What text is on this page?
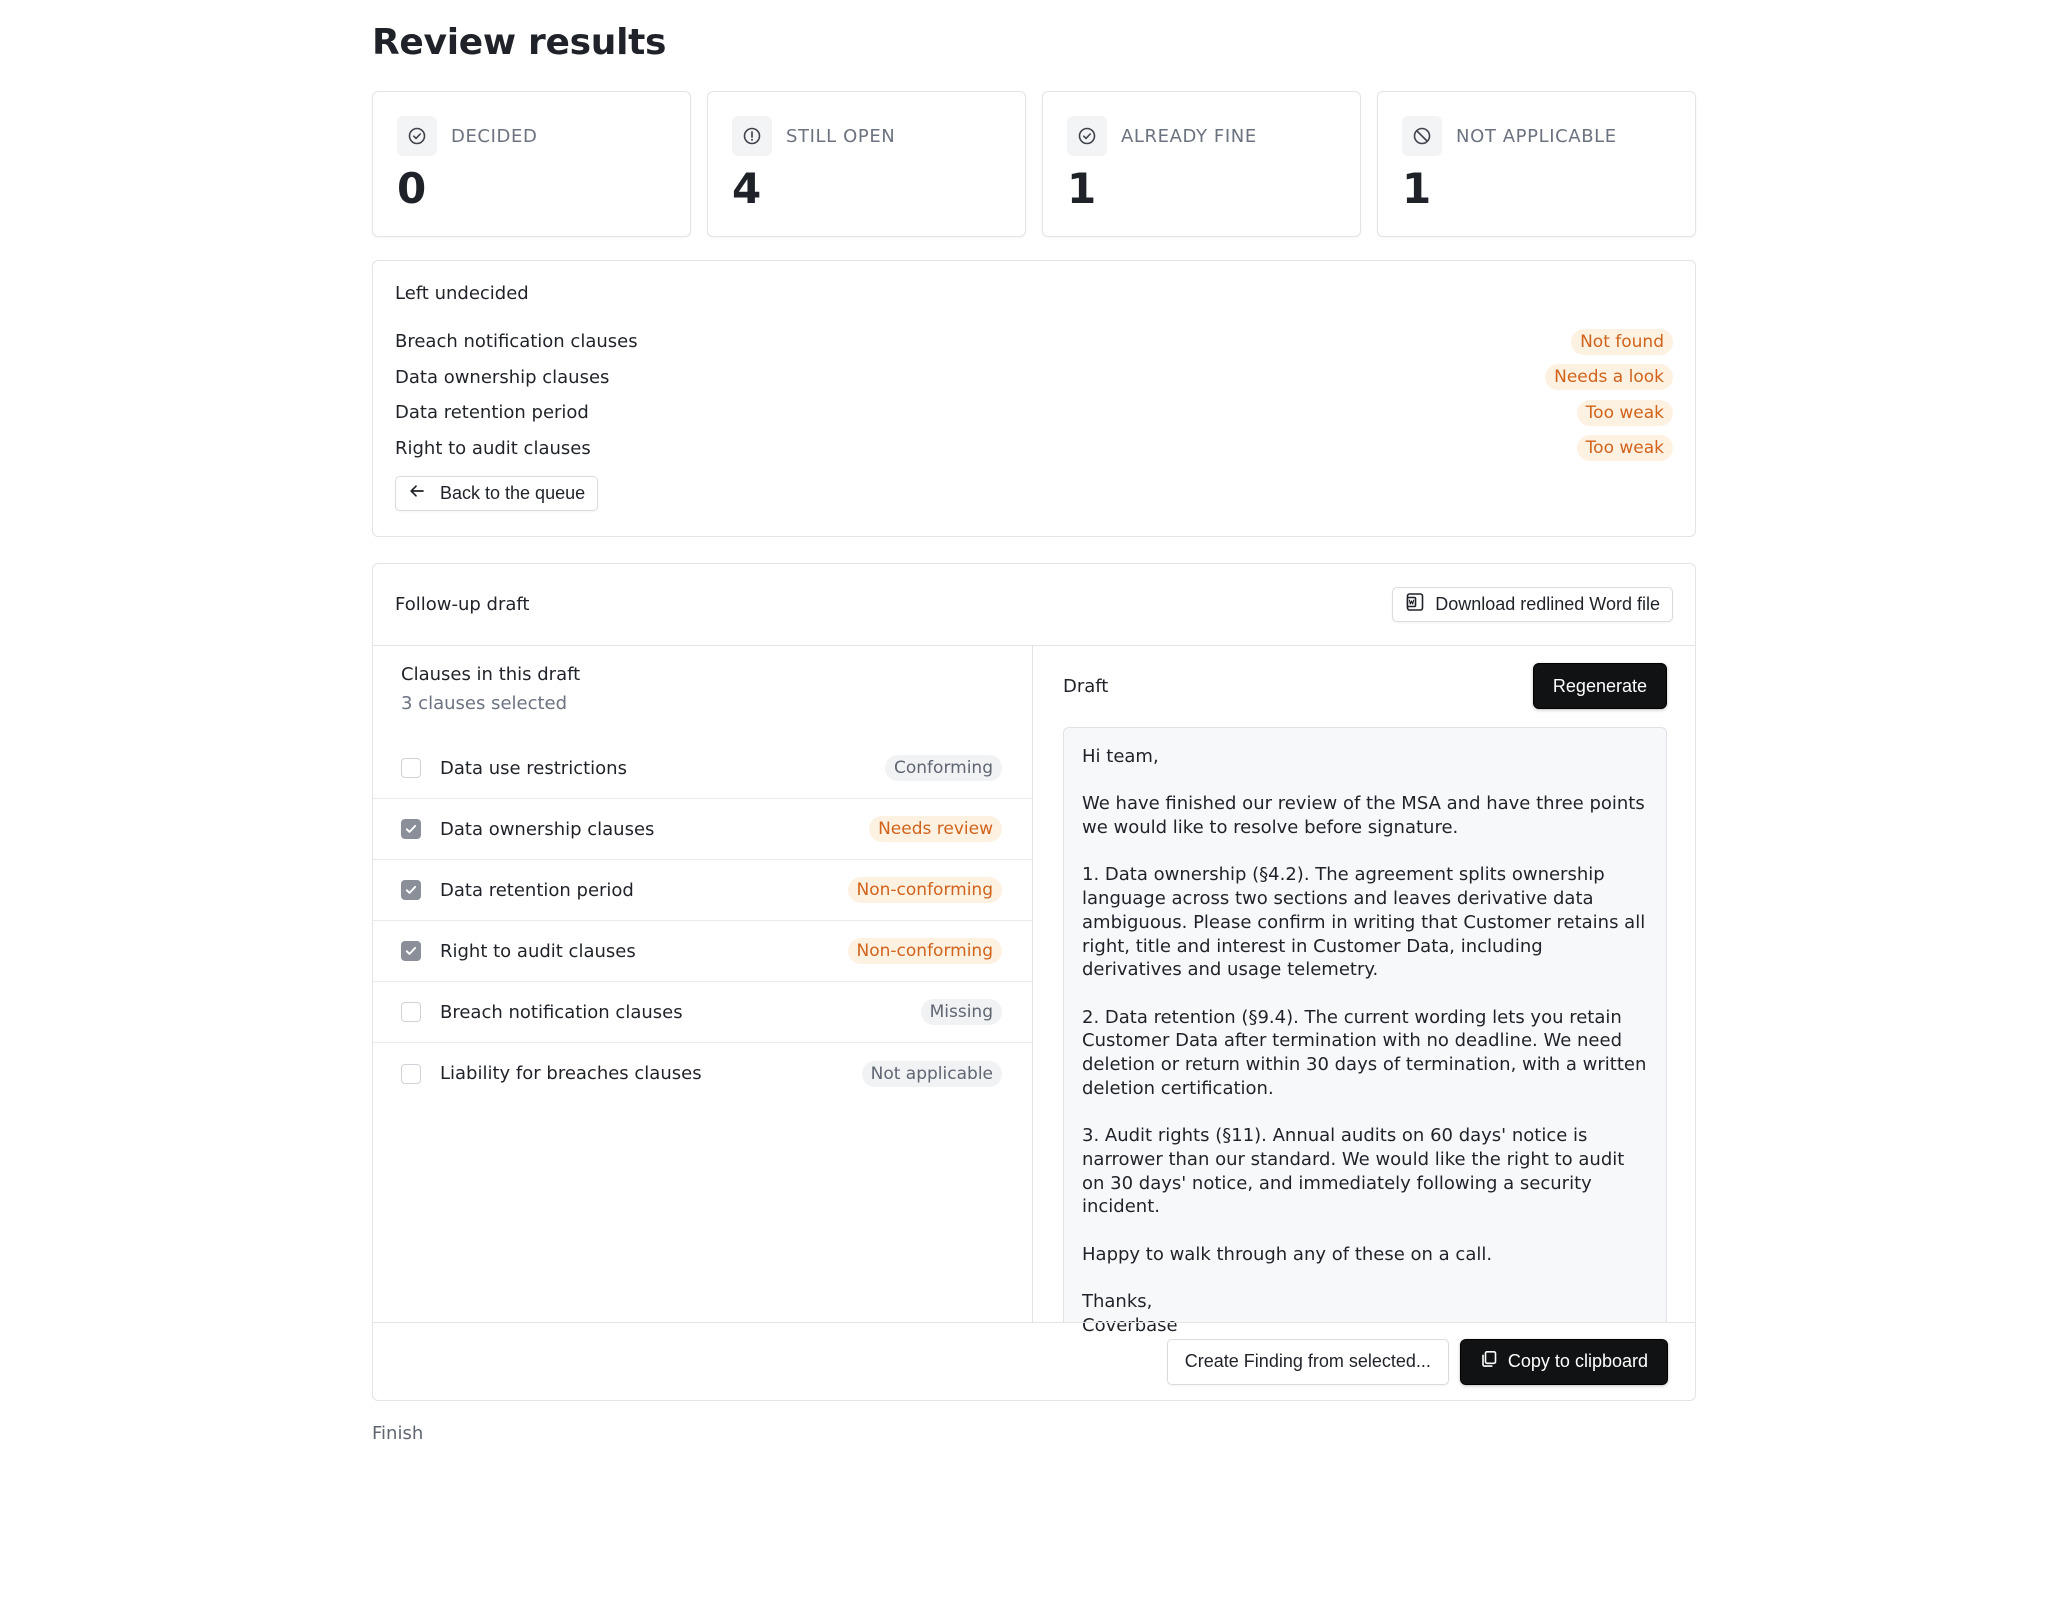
Review results
DECIDED
0
STILL OPEN
4
ALREADY FINE
1
NOT APPLICABLE
1
Left undecided
Breach notification clauses	Not found
Data ownership clauses	Needs a look
Data retention period	Too weak
Right to audit clauses	Too weak
Back to the queue
Follow-up draft	Download redlined Word file
Clauses in this draft
3 clauses selected
Data use restrictions	Conforming
Data ownership clauses	Needs review
Data retention period	Non-conforming
Right to audit clauses	Non-conforming
Breach notification clauses	Missing
Liability for breaches clauses	Not applicable
Draft	Regenerate

Hi team,

We have finished our review of the MSA and have three points we would like to resolve before signature.

1. Data ownership (§4.2). The agreement splits ownership language across two sections and leaves derivative data ambiguous. Please confirm in writing that Customer retains all right, title and interest in Customer Data, including derivatives and usage telemetry.

2. Data retention (§9.4). The current wording lets you retain Customer Data after termination with no deadline. We need deletion or return within 30 days of termination, with a written deletion certification.

3. Audit rights (§11). Annual audits on 60 days' notice is narrower than our standard. We would like the right to audit on 30 days' notice, and immediately following a security incident.

Happy to walk through any of these on a call.

Thanks,
Coverbase
Create Finding from selected...	Copy to clipboard
Finish
